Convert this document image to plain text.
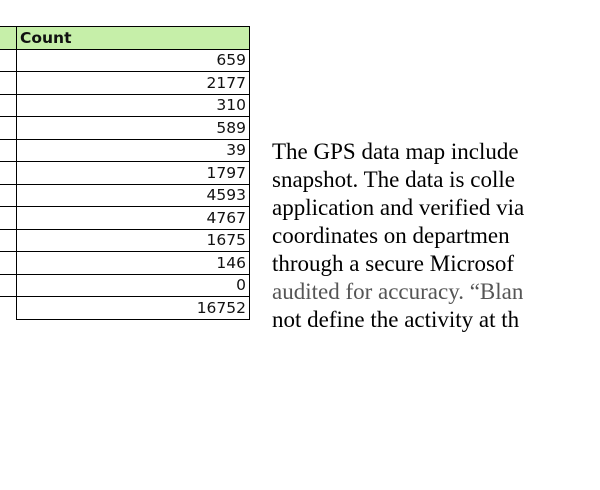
	Count
	659
	2177
	310
	589
	39
	1797
	4593
	4767
	1675
	146
	0
	16752
The GPS data map include
snapshot. The data is colle
application and verified via
coordinates on departmen
through a secure Microsof
audited for accuracy. “Blan
not define the activity at th
